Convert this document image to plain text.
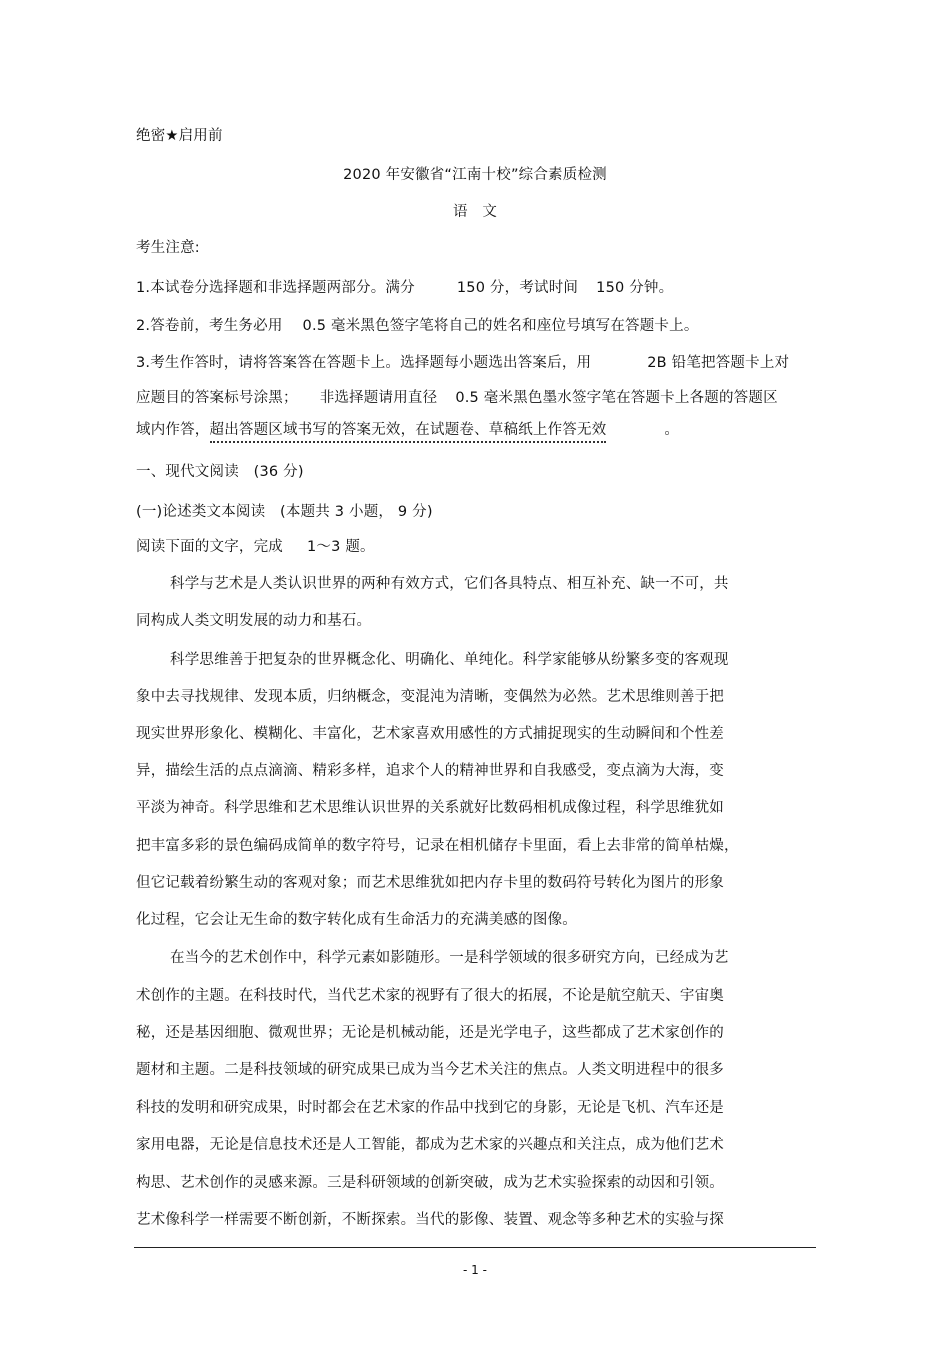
绝密★启用前
2020 年安徽省“江南十校”综合素质检测
语　文
考生注意:
1.本试卷分选择题和非选择题两部分。满分	150 分，考试时间 150 分钟。
2.答卷前，考生务必用 0.5 毫米黑色签字笔将自己的姓名和座位号填写在答题卡上。
3.考生作答时，请将答案答在答题卡上。选择题每小题选出答案后，用	2B 铅笔把答题卡上对
应题目的答案标号涂黑； 非选择题请用直径 0.5 毫米黑色墨水签字笔在答题卡上各题的答题区
域内作答，超出答题区域书写的答案无效，在试题卷、草稿纸上作答无效	。
一、现代文阅读　(36 分)
(一)论述类文本阅读　(本题共 3 小题， 9 分)
阅读下面的文字，完成 1～3 题。
科学与艺术是人类认识世界的两种有效方式，它们各具特点、相互补充、缺一不可，共
同构成人类文明发展的动力和基石。
科学思维善于把复杂的世界概念化、明确化、单纯化。科学家能够从纷繁多变的客观现
象中去寻找规律、发现本质，归纳概念，变混沌为清晰，变偶然为必然。艺术思维则善于把
现实世界形象化、模糊化、丰富化，艺术家喜欢用感性的方式捕捉现实的生动瞬间和个性差
异，描绘生活的点点滴滴、精彩多样，追求个人的精神世界和自我感受，变点滴为大海，变
平淡为神奇。科学思维和艺术思维认识世界的关系就好比数码相机成像过程，科学思维犹如
把丰富多彩的景色编码成简单的数字符号，记录在相机储存卡里面，看上去非常的简单枯燥，
但它记载着纷繁生动的客观对象；而艺术思维犹如把内存卡里的数码符号转化为图片的形象
化过程，它会让无生命的数字转化成有生命活力的充满美感的图像。
在当今的艺术创作中，科学元素如影随形。一是科学领域的很多研究方向，已经成为艺
术创作的主题。在科技时代，当代艺术家的视野有了很大的拓展，不论是航空航天、宇宙奥
秘，还是基因细胞、微观世界；无论是机械动能，还是光学电子，这些都成了艺术家创作的
题材和主题。二是科技领域的研究成果已成为当今艺术关注的焦点。人类文明进程中的很多
科技的发明和研究成果，时时都会在艺术家的作品中找到它的身影，无论是飞机、汽车还是
家用电器，无论是信息技术还是人工智能，都成为艺术家的兴趣点和关注点，成为他们艺术
构思、艺术创作的灵感来源。三是科研领域的创新突破，成为艺术实验探索的动因和引领。
艺术像科学一样需要不断创新，不断探索。当代的影像、装置、观念等多种艺术的实验与探
- 1 -
